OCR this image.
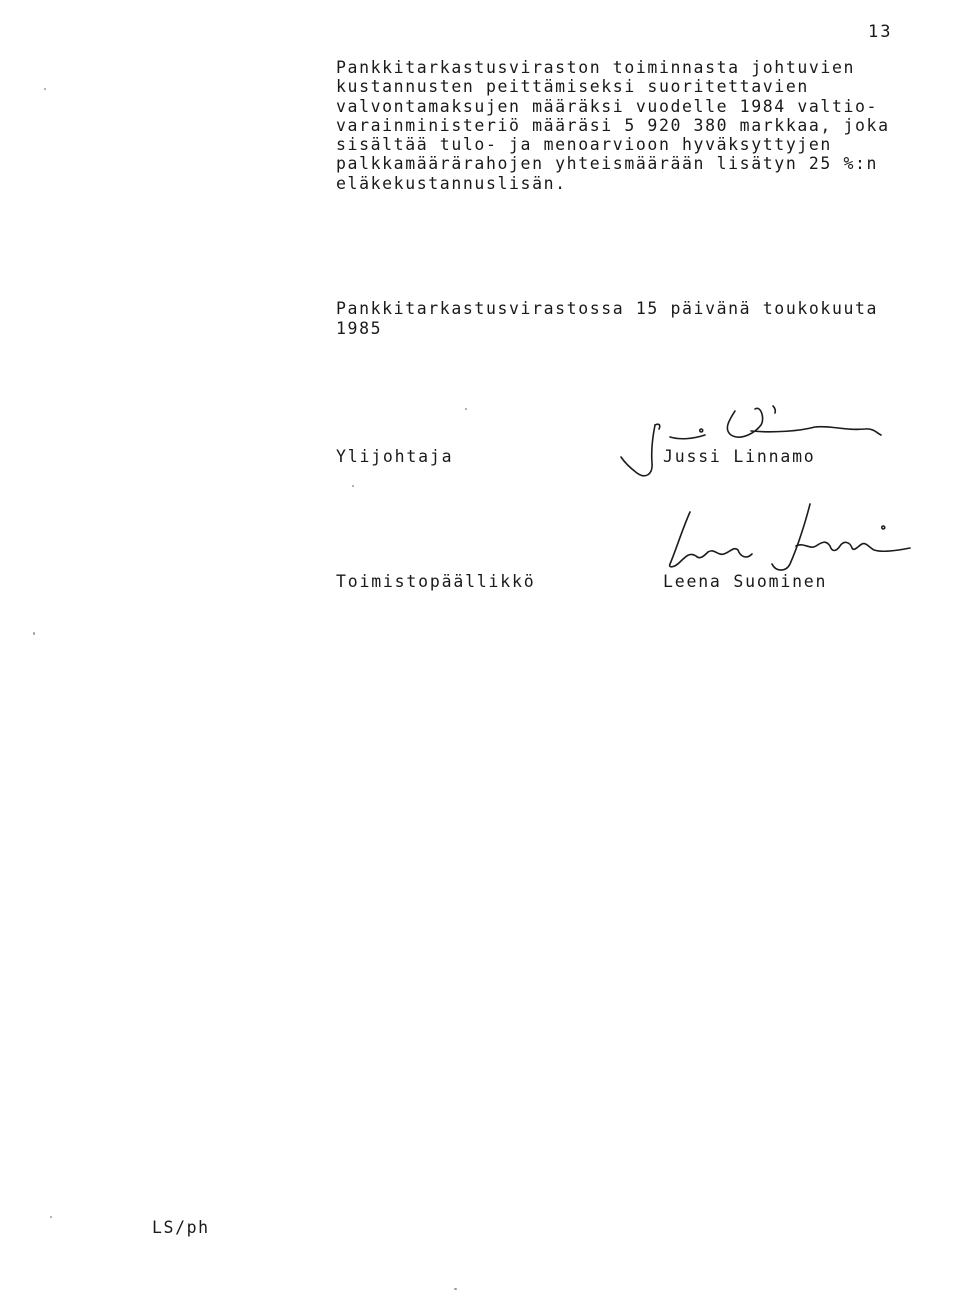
13

Pankkitarkastusviraston toiminnasta johtuvien
kustannusten peittämiseksi suoritettavien
valvontamaksujen määräksi vuodelle 1984 valtio-
varainministeriö määräsi 5 920 380 markkaa, joka
sisältää tulo- ja menoarvioon hyväksyttyjen
palkkamäärärahojen yhteismäärään lisätyn 25 %:n
eläkekustannuslisän.

Pankkitarkastusvirastossa 15 päivänä toukokuuta
1985

Ylijohtaja	Jussi Linnamo
Toimistopäällikkö	Leena Suominen
LS/ph
